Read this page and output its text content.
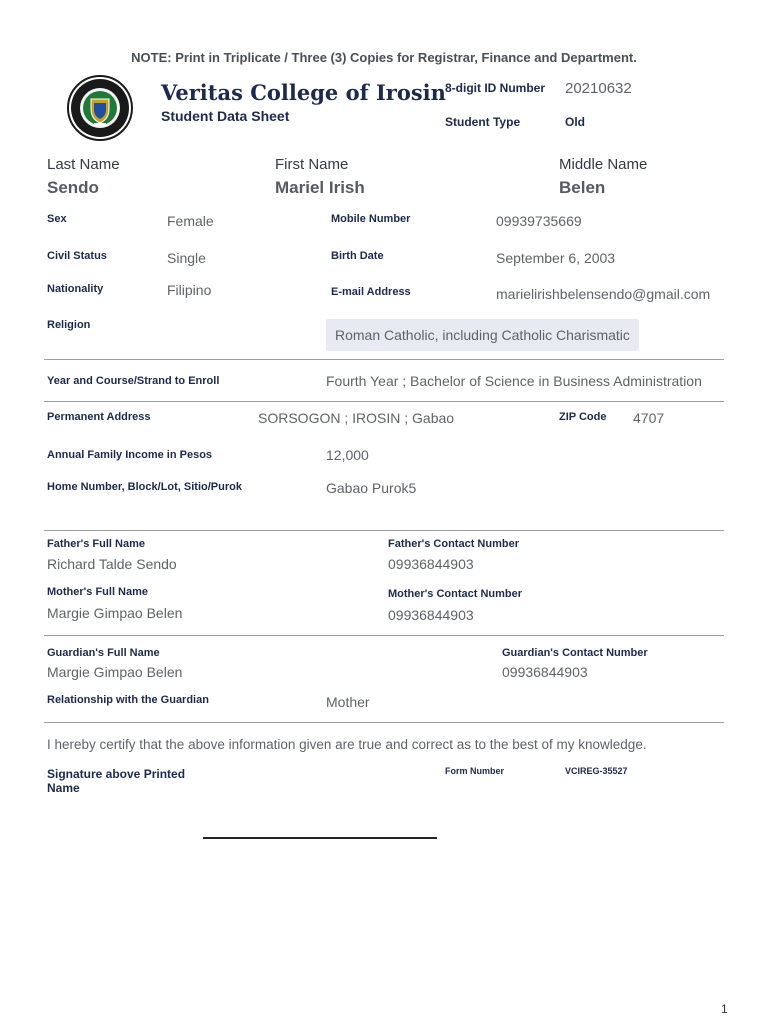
NOTE: Print in Triplicate / Three (3) Copies for Registrar, Finance and Department.
Veritas College of Irosin
Student Data Sheet
8-digit ID Number 20210632
Student Type	Old
Last Name
Sendo
First Name
Mariel Irish
Middle Name
Belen
Sex	Female	Mobile Number	09939735669
Civil Status	Single	Birth Date	September 6, 2003
Nationality	Filipino	E-mail Address	marielirishbelensendo@gmail.com
Religion
Roman Catholic, including Catholic Charismatic
Year and Course/Strand to Enroll	Fourth Year ; Bachelor of Science in Business Administration
Permanent Address	SORSOGON ; IROSIN ; Gabao	ZIP Code 4707
Annual Family Income in Pesos	12,000
Home Number, Block/Lot, Sitio/Purok	Gabao Purok5
Father's Full Name
Richard Talde Sendo
Father's Contact Number
09936844903
Mother's Full Name
Margie Gimpao Belen
Mother's Contact Number
09936844903
Guardian's Full Name
Margie Gimpao Belen
Guardian's Contact Number
09936844903
Relationship with the Guardian	Mother
I hereby certify that the above information given are true and correct as to the best of my knowledge.
Signature above Printed Name
Form Number	VCIREG-35527
1
